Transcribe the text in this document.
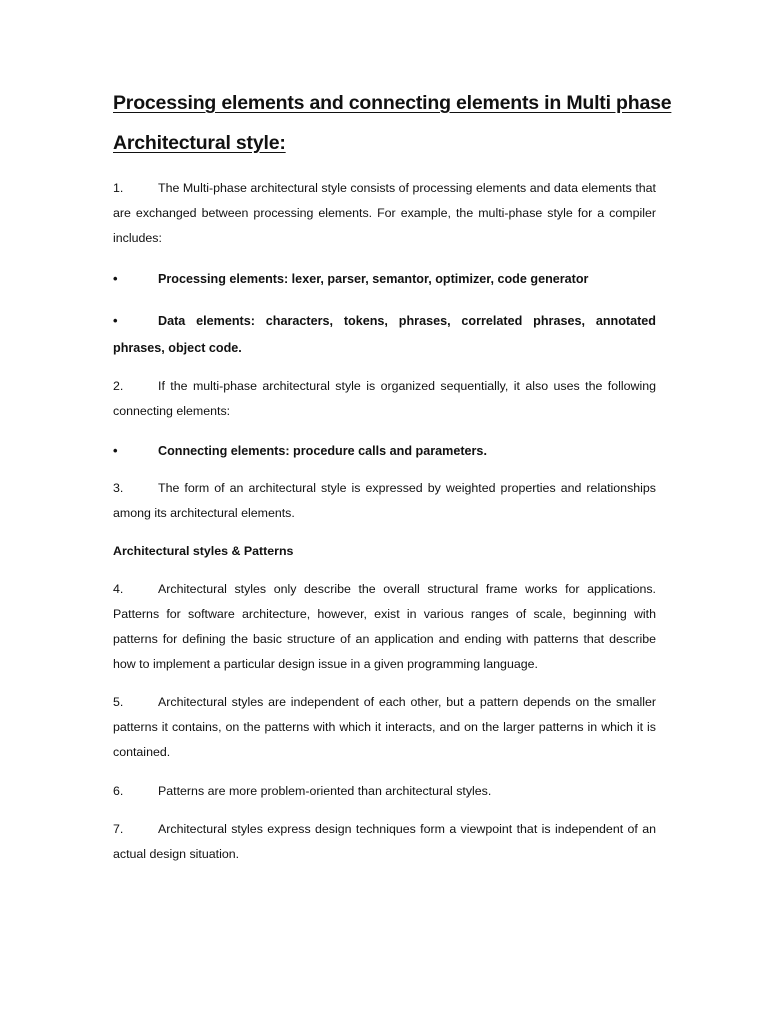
Processing elements and connecting elements in Multi phase
Architectural style:
1.	The Multi-phase architectural style consists of processing elements and data elements that are exchanged between processing elements. For example, the multi-phase style for a compiler includes:
•	Processing elements: lexer, parser, semantor, optimizer, code generator
•	Data elements: characters, tokens, phrases, correlated phrases, annotated phrases, object code.
2.	If the multi-phase architectural style is organized sequentially, it also uses the following connecting elements:
•	Connecting elements: procedure calls and parameters.
3.	The form of an architectural style is expressed by weighted properties and relationships among its architectural elements.
Architectural styles & Patterns
4.	Architectural styles only describe the overall structural frame works for applications. Patterns for software architecture, however, exist in various ranges of scale, beginning with patterns for defining the basic structure of an application and ending with patterns that describe how to implement a particular design issue in a given programming language.
5.	Architectural styles are independent of each other, but a pattern depends on the smaller patterns it contains, on the patterns with which it interacts, and on the larger patterns in which it is contained.
6.	Patterns are more problem-oriented than architectural styles.
7.	Architectural styles express design techniques form a viewpoint that is independent of an actual design situation.
